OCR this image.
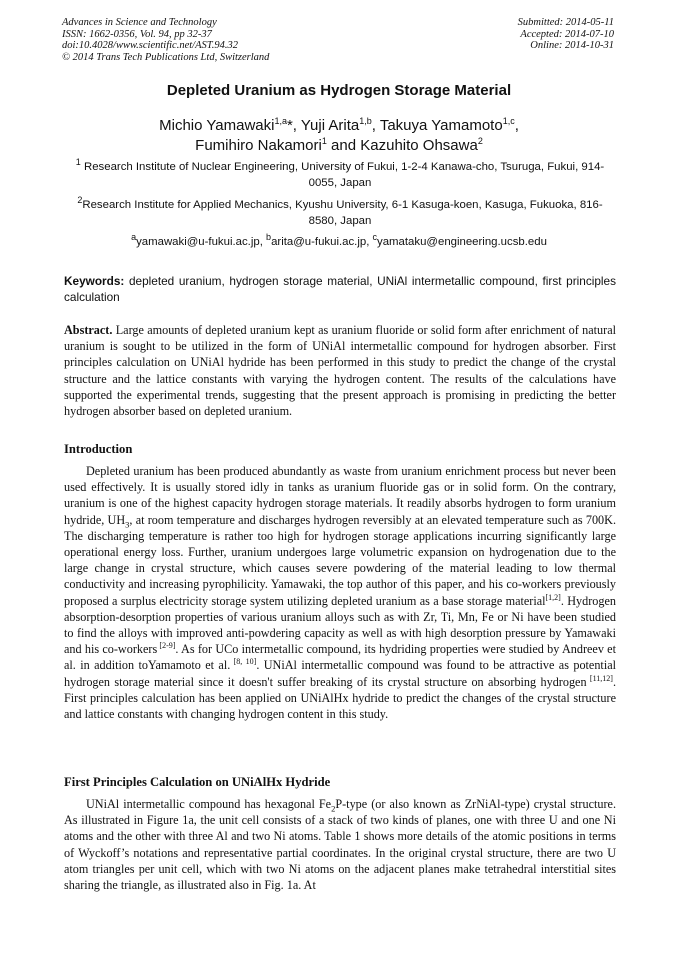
Advances in Science and Technology
ISSN: 1662-0356, Vol. 94, pp 32-37
doi:10.4028/www.scientific.net/AST.94.32
© 2014 Trans Tech Publications Ltd, Switzerland
Submitted: 2014-05-11
Accepted: 2014-07-10
Online: 2014-10-31
Depleted Uranium as Hydrogen Storage Material
Michio Yamawaki$^{1,a}$*, Yuji Arita$^{1,b}$, Takuya Yamamoto$^{1,c}$,
Fumihiro Nakamori$^1$ and Kazuhito Ohsawa$^2$
$^1$ Research Institute of Nuclear Engineering, University of Fukui, 1-2-4 Kanawa-cho, Tsuruga, Fukui, 914-0055, Japan
$^2$Research Institute for Applied Mechanics, Kyushu University, 6-1 Kasuga-koen, Kasuga, Fukuoka, 816-8580, Japan
$^a$yamawaki@u-fukui.ac.jp, $^b$arita@u-fukui.ac.jp, $^c$yamataku@engineering.ucsb.edu
Keywords: depleted uranium, hydrogen storage material, UNiAl intermetallic compound, first principles calculation
Abstract. Large amounts of depleted uranium kept as uranium fluoride or solid form after enrichment of natural uranium is sought to be utilized in the form of UNiAl intermetallic compound for hydrogen absorber. First principles calculation on UNiAl hydride has been performed in this study to predict the change of the crystal structure and the lattice constants with varying the hydrogen content. The results of the calculations have supported the experimental trends, suggesting that the present approach is promising in predicting the better hydrogen absorber based on depleted uranium.
Introduction
Depleted uranium has been produced abundantly as waste from uranium enrichment process but never been used effectively. It is usually stored idly in tanks as uranium fluoride gas or in solid form. On the contrary, uranium is one of the highest capacity hydrogen storage materials. It readily absorbs hydrogen to form uranium hydride, $UH_3$, at room temperature and discharges hydrogen reversibly at an elevated temperature such as 700K. The discharging temperature is rather too high for hydrogen storage applications incurring significantly large operational energy loss. Further, uranium undergoes large volumetric expansion on hydrogenation due to the large change in crystal structure, which causes severe powdering of the material leading to low thermal conductivity and increasing pyrophilicity. Yamawaki, the top author of this paper, and his co-workers previously proposed a surplus electricity storage system utilizing depleted uranium as a base storage material[1,2]. Hydrogen absorption-desorption properties of various uranium alloys such as with Zr, Ti, Mn, Fe or Ni have been studied to find the alloys with improved anti-powdering capacity as well as with high desorption pressure by Yamawaki and his co-workers [2-9]. As for UCo intermetallic compound, its hydriding properties were studied by Andreev et al. in addition toYamamoto et al. [8, 10]. UNiAl intermetallic compound was found to be attractive as potential hydrogen storage material since it doesn't suffer breaking of its crystal structure on absorbing hydrogen [11,12]. First principles calculation has been applied on UNiAlHx hydride to predict the changes of the crystal structure and lattice constants with changing hydrogen content in this study.
First Principles Calculation on UNiAlHx Hydride
UNiAl intermetallic compound has hexagonal $Fe_2P$-type (or also known as ZrNiAl-type) crystal structure. As illustrated in Figure 1a, the unit cell consists of a stack of two kinds of planes, one with three U and one Ni atoms and the other with three Al and two Ni atoms. Table 1 shows more details of the atomic positions in terms of Wyckoff’s notations and representative partial coordinates. In the original crystal structure, there are two U atom triangles per unit cell, which with two Ni atoms on the adjacent planes make tetrahedral interstitial sites sharing the triangle, as illustrated also in Fig. 1a. At
